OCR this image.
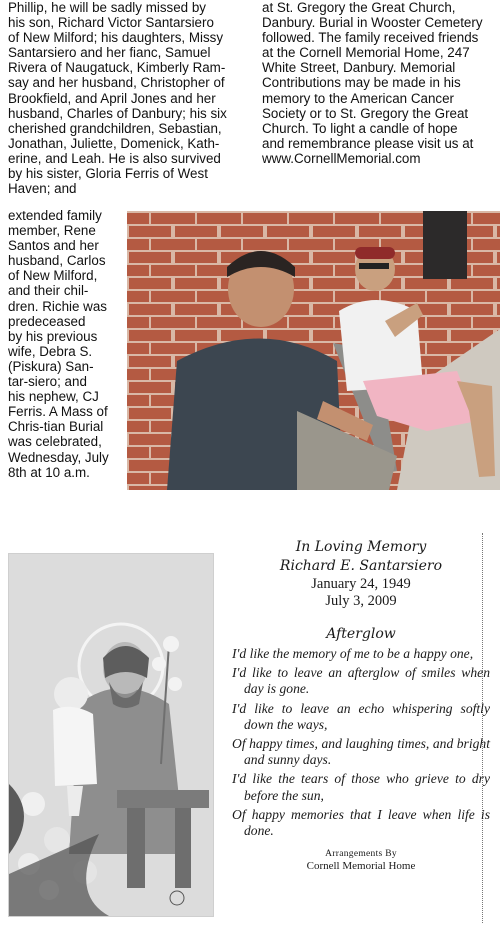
Phillip, he will be sadly missed by
his son, Richard Victor Santarsiero
of New Milford; his daughters, Missy
Santarsiero and her fianc, Samuel
Rivera of Naugatuck, Kimberly Ram-
say and her husband, Christopher of
Brookfield, and April Jones and her
husband, Charles of Danbury; his six
cherished grandchildren, Sebastian,
Jonathan, Juliette, Domenick, Kath-
erine, and Leah. He is also survived
by his sister, Gloria Ferris of West
Haven; and
extended family
member, Rene
Santos and her
husband, Carlos
of New Milford,
and their chil-
dren. Richie was
predeceased
by his previous
wife, Debra S.
(Piskura) San-
tar-siero; and
his nephew, CJ
Ferris. A Mass of
Chris-tian Burial
was celebrated,
Wednesday, July
8th at 10 a.m.
at St. Gregory the Great Church,
Danbury. Burial in Wooster Cemetery
followed. The family received friends
at the Cornell Memorial Home, 247
White Street, Danbury. Memorial
Contributions may be made in his
memory to the American Cancer
Society or to St. Gregory the Great
Church. To light a candle of hope
and remembrance please visit us at
www.CornellMemorial.com
In Loving Memory
Richard E. Santarsiero
January 24, 1949
July 3, 2009
Afterglow

I'd like the memory of me to be a happy one,

I'd like to leave an afterglow of smiles when day is gone.

I'd like to leave an echo whispering softly down the ways,

Of happy times, and laughing times, and bright and sunny days.

I'd like the tears of those who grieve to dry before the sun,

Of happy memories that I leave when life is done.

Arrangements By
Cornell Memorial Home
